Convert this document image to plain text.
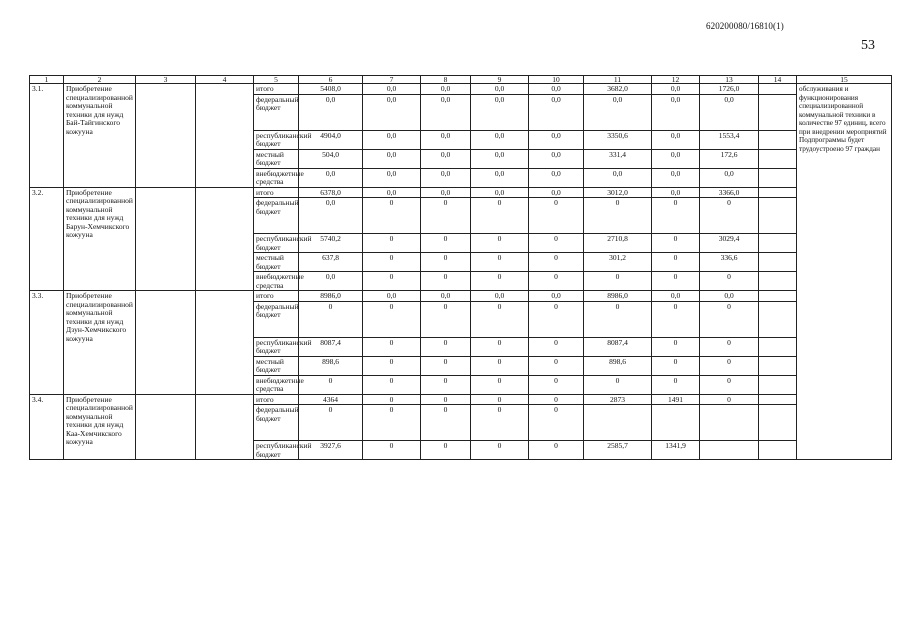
620200080/16810(1)
53
1	2	3	4	5	6	7	8	9	10	11	12	13	14	15
3.1.	Приобретение специализированной коммунальной техники для нужд Бай-Тайгинского кожууна			итого	5408,0	0,0	0,0	0,0	0,0	3682,0	0,0	1726,0		обслуживания и функционирования специализированной коммунальной техники в количестве 97 единиц, всего при внедрении мероприятий Подпрограммы будет трудоустроено 97 граждан
				федеральный бюджет	0,0	0,0	0,0	0,0	0,0	0,0	0,0	0,0		
				республиканский бюджет	4904,0	0,0	0,0	0,0	0,0	3350,6	0,0	1553,4		
				местный бюджет	504,0	0,0	0,0	0,0	0,0	331,4	0,0	172,6		
				внебюджетные средства	0,0	0,0	0,0	0,0	0,0	0,0	0,0	0,0		
3.2.	Приобретение специализированной коммунальной техники для нужд Барун-Хемчикского кожууна			итого	6378,0	0,0	0,0	0,0	0,0	3012,0	0,0	3366,0		
				федеральный бюджет	0,0	0	0	0	0	0	0	0		
				республиканский бюджет	5740,2	0	0	0	0	2710,8	0	3029,4		
				местный бюджет	637,8	0	0	0	0	301,2	0	336,6		
				внебюджетные средства	0,0	0	0	0	0	0	0	0		
3.3.	Приобретение специализированной коммунальной техники для нужд Дзун-Хемчикского кожууна			итого	8986,0	0,0	0,0	0,0	0,0	8986,0	0,0	0,0		
				федеральный бюджет	0	0	0	0	0	0	0	0		
				республиканский бюджет	8087,4	0	0	0	0	8087,4	0	0		
				местный бюджет	898,6	0	0	0	0	898,6	0	0		
				внебюджетные средства	0	0	0	0	0	0	0	0		
3.4.	Приобретение специализированной коммунальной техники для нужд Каа-Хемчикского кожууна			итого	4364	0	0	0	0	2873	1491	0		
				федеральный бюджет	0	0	0	0	0					
				республиканский бюджет	3927,6	0	0	0	0	2585,7	1341,9			
